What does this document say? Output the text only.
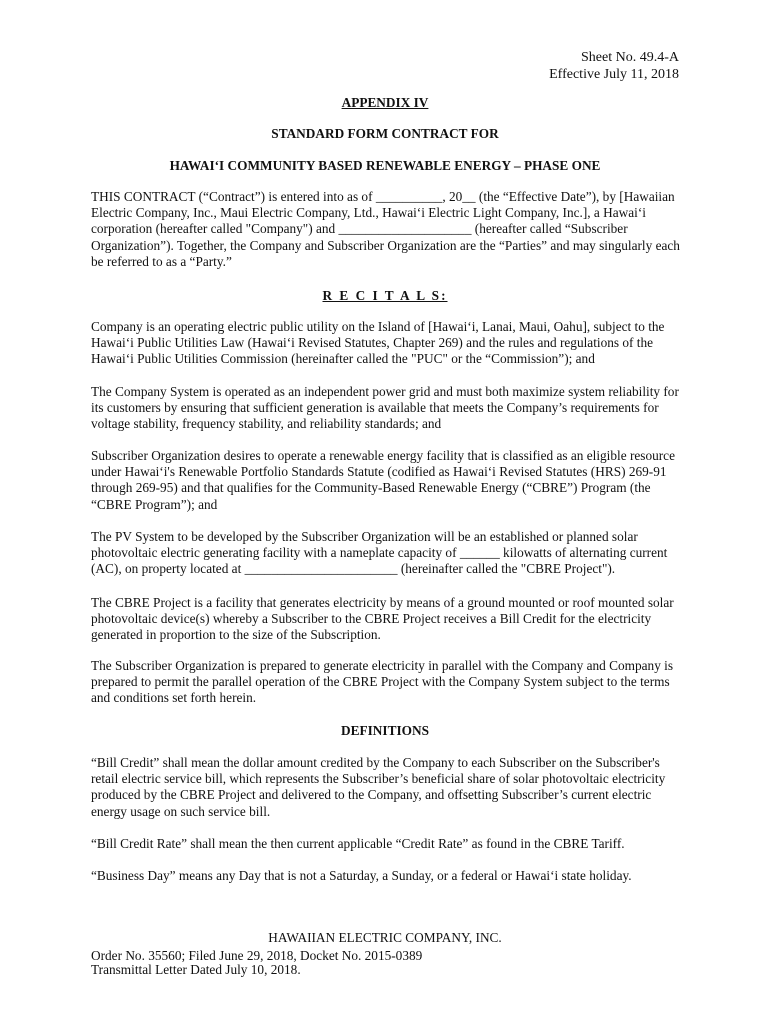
Sheet No. 49.4-A
Effective July 11, 2018
APPENDIX IV
STANDARD FORM CONTRACT FOR
HAWAI‘I COMMUNITY BASED RENEWABLE ENERGY – PHASE ONE

THIS CONTRACT (“Contract”) is entered into as of __________, 20__ (the “Effective Date”), by [Hawaiian Electric Company, Inc., Maui Electric Company, Ltd., Hawai‘i Electric Light Company, Inc.], a Hawai‘i corporation (hereafter called "Company") and ____________________ (hereafter called “Subscriber Organization”). Together, the Company and Subscriber Organization are the “Parties” and may singularly each be referred to as a “Party.”

R E C I T A L S:

Company is an operating electric public utility on the Island of [Hawai‘i, Lanai, Maui, Oahu], subject to the Hawai‘i Public Utilities Law (Hawai‘i Revised Statutes, Chapter 269) and the rules and regulations of the Hawai‘i Public Utilities Commission (hereinafter called the "PUC" or the “Commission”); and

The Company System is operated as an independent power grid and must both maximize system reliability for its customers by ensuring that sufficient generation is available that meets the Company’s requirements for voltage stability, frequency stability, and reliability standards; and

Subscriber Organization desires to operate a renewable energy facility that is classified as an eligible resource under Hawai‘i's Renewable Portfolio Standards Statute (codified as Hawai‘i Revised Statutes (HRS) 269-91 through 269-95) and that qualifies for the Community-Based Renewable Energy (“CBRE”) Program (the “CBRE Program”); and

The PV System to be developed by the Subscriber Organization will be an established or planned solar photovoltaic electric generating facility with a nameplate capacity of ______ kilowatts of alternating current (AC), on property located at _______________________ (hereinafter called the "CBRE Project").

The CBRE Project is a facility that generates electricity by means of a ground mounted or roof mounted solar photovoltaic device(s) whereby a Subscriber to the CBRE Project receives a Bill Credit for the electricity generated in proportion to the size of the Subscription.

The Subscriber Organization is prepared to generate electricity in parallel with the Company and Company is prepared to permit the parallel operation of the CBRE Project with the Company System subject to the terms and conditions set forth herein.

DEFINITIONS

“Bill Credit” shall mean the dollar amount credited by the Company to each Subscriber on the Subscriber's retail electric service bill, which represents the Subscriber’s beneficial share of solar photovoltaic electricity produced by the CBRE Project and delivered to the Company, and offsetting Subscriber’s current electric energy usage on such service bill.

“Bill Credit Rate” shall mean the then current applicable “Credit Rate” as found in the CBRE Tariff.

“Business Day” means any Day that is not a Saturday, a Sunday, or a federal or Hawai‘i state holiday.

HAWAIIAN ELECTRIC COMPANY, INC.
Order No. 35560; Filed June 29, 2018, Docket No. 2015-0389
Transmittal Letter Dated July 10, 2018.
